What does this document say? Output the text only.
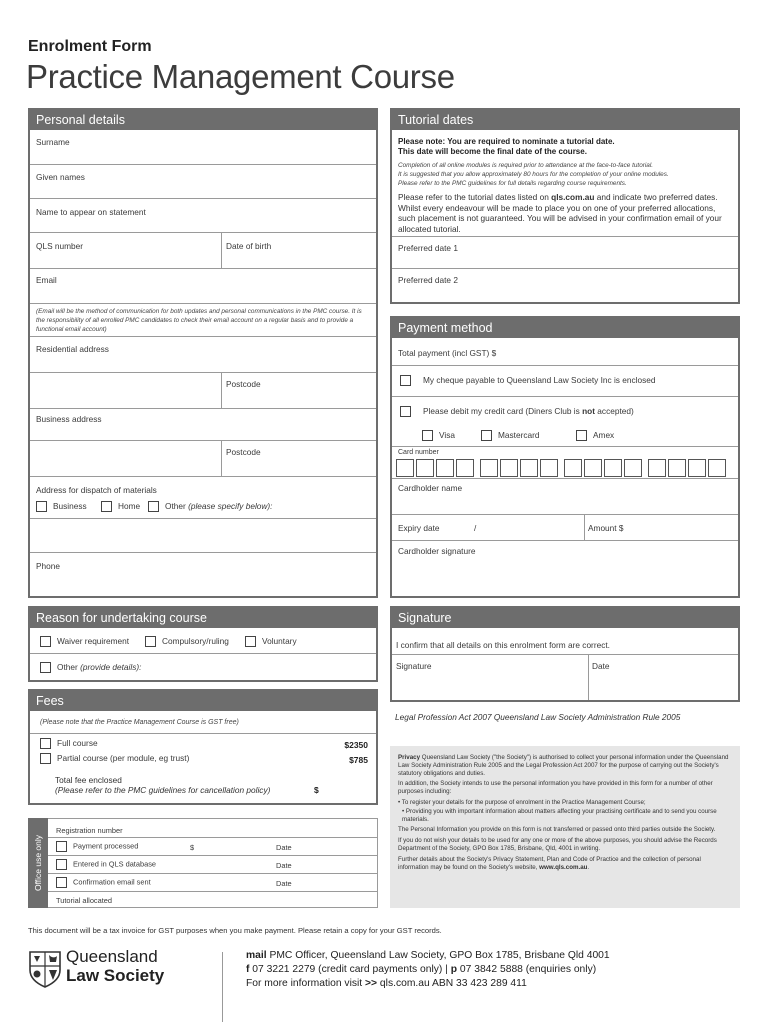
Enrolment Form
Practice Management Course
Personal details
Surname
Given names
Name to appear on statement
QLS number	Date of birth
Email
(Email will be the method of communication for both updates and personal communications in the PMC course. It is the responsibility of all enrolled PMC candidates to check their email account on a regular basis and to provide a functional email account)
Residential address
Postcode
Business address
Postcode
Address for dispatch of materials
Business	Home	Other (please specify below):
Phone
Tutorial dates
Please note: You are required to nominate a tutorial date.
This date will become the final date of the course.
Completion of all online modules is required prior to attendance at the face-to-face tutorial.
It is suggested that you allow approximately 80 hours for the completion of your online modules.
Please refer to the PMC guidelines for full details regarding course requirements.
Please refer to the tutorial dates listed on qls.com.au and indicate two preferred dates. Whilst every endeavour will be made to place you on one of your preferred allocations, such placement is not guaranteed. You will be advised in your confirmation email of your allocated tutorial.
Preferred date 1
Preferred date 2
Payment method
Total payment (incl GST) $
My cheque payable to Queensland Law Society Inc is enclosed
Please debit my credit card (Diners Club is not accepted)
Visa	Mastercard	Amex
Card number
Cardholder name
Expiry date	/	Amount $
Cardholder signature
Reason for undertaking course
Waiver requirement	Compulsory/ruling	Voluntary
Other (provide details):
Signature
I confirm that all details on this enrolment form are correct.
Signature	Date
Legal Profession Act 2007 Queensland Law Society Administration Rule 2005
Fees
(Please note that the Practice Management Course is GST free)
Full course	$2350
Partial course (per module, eg trust)	$785
Total fee enclosed
(Please refer to the PMC guidelines for cancellation policy)	$
Office use only
Registration number
Payment processed	$	Date
Entered in QLS database	Date
Confirmation email sent	Date
Tutorial allocated

Privacy Queensland Law Society ("the Society") is authorised to collect your personal information under the Queensland Law Society Administration Rule 2005 and the Legal Profession Act 2007 for the purpose of carrying out the Society's statutory obligations and duties.

In addition, the Society intends to use the personal information you have provided in this form for a number of other purposes including:

• To register your details for the purpose of enrolment in the Practice Management Course;

• Providing you with important information about matters affecting your practising certificate and to send you course materials.

The Personal Information you provide on this form is not transferred or passed onto third parties outside the Society.

If you do not wish your details to be used for any one or more of the above purposes, you should advise the Records Department of the Society, GPO Box 1785, Brisbane, Qld, 4001 in writing.

Further details about the Society's Privacy Statement, Plan and Code of Practice and the collection of personal information may be found on the Society's website, www.qls.com.au.

This document will be a tax invoice for GST purposes when you make payment. Please retain a copy for your GST records.
Queensland
Law Society
mail PMC Officer, Queensland Law Society, GPO Box 1785, Brisbane Qld 4001
f 07 3221 2279 (credit card payments only) | p 07 3842 5888 (enquiries only)
For more information visit >> qls.com.au ABN 33 423 289 411
